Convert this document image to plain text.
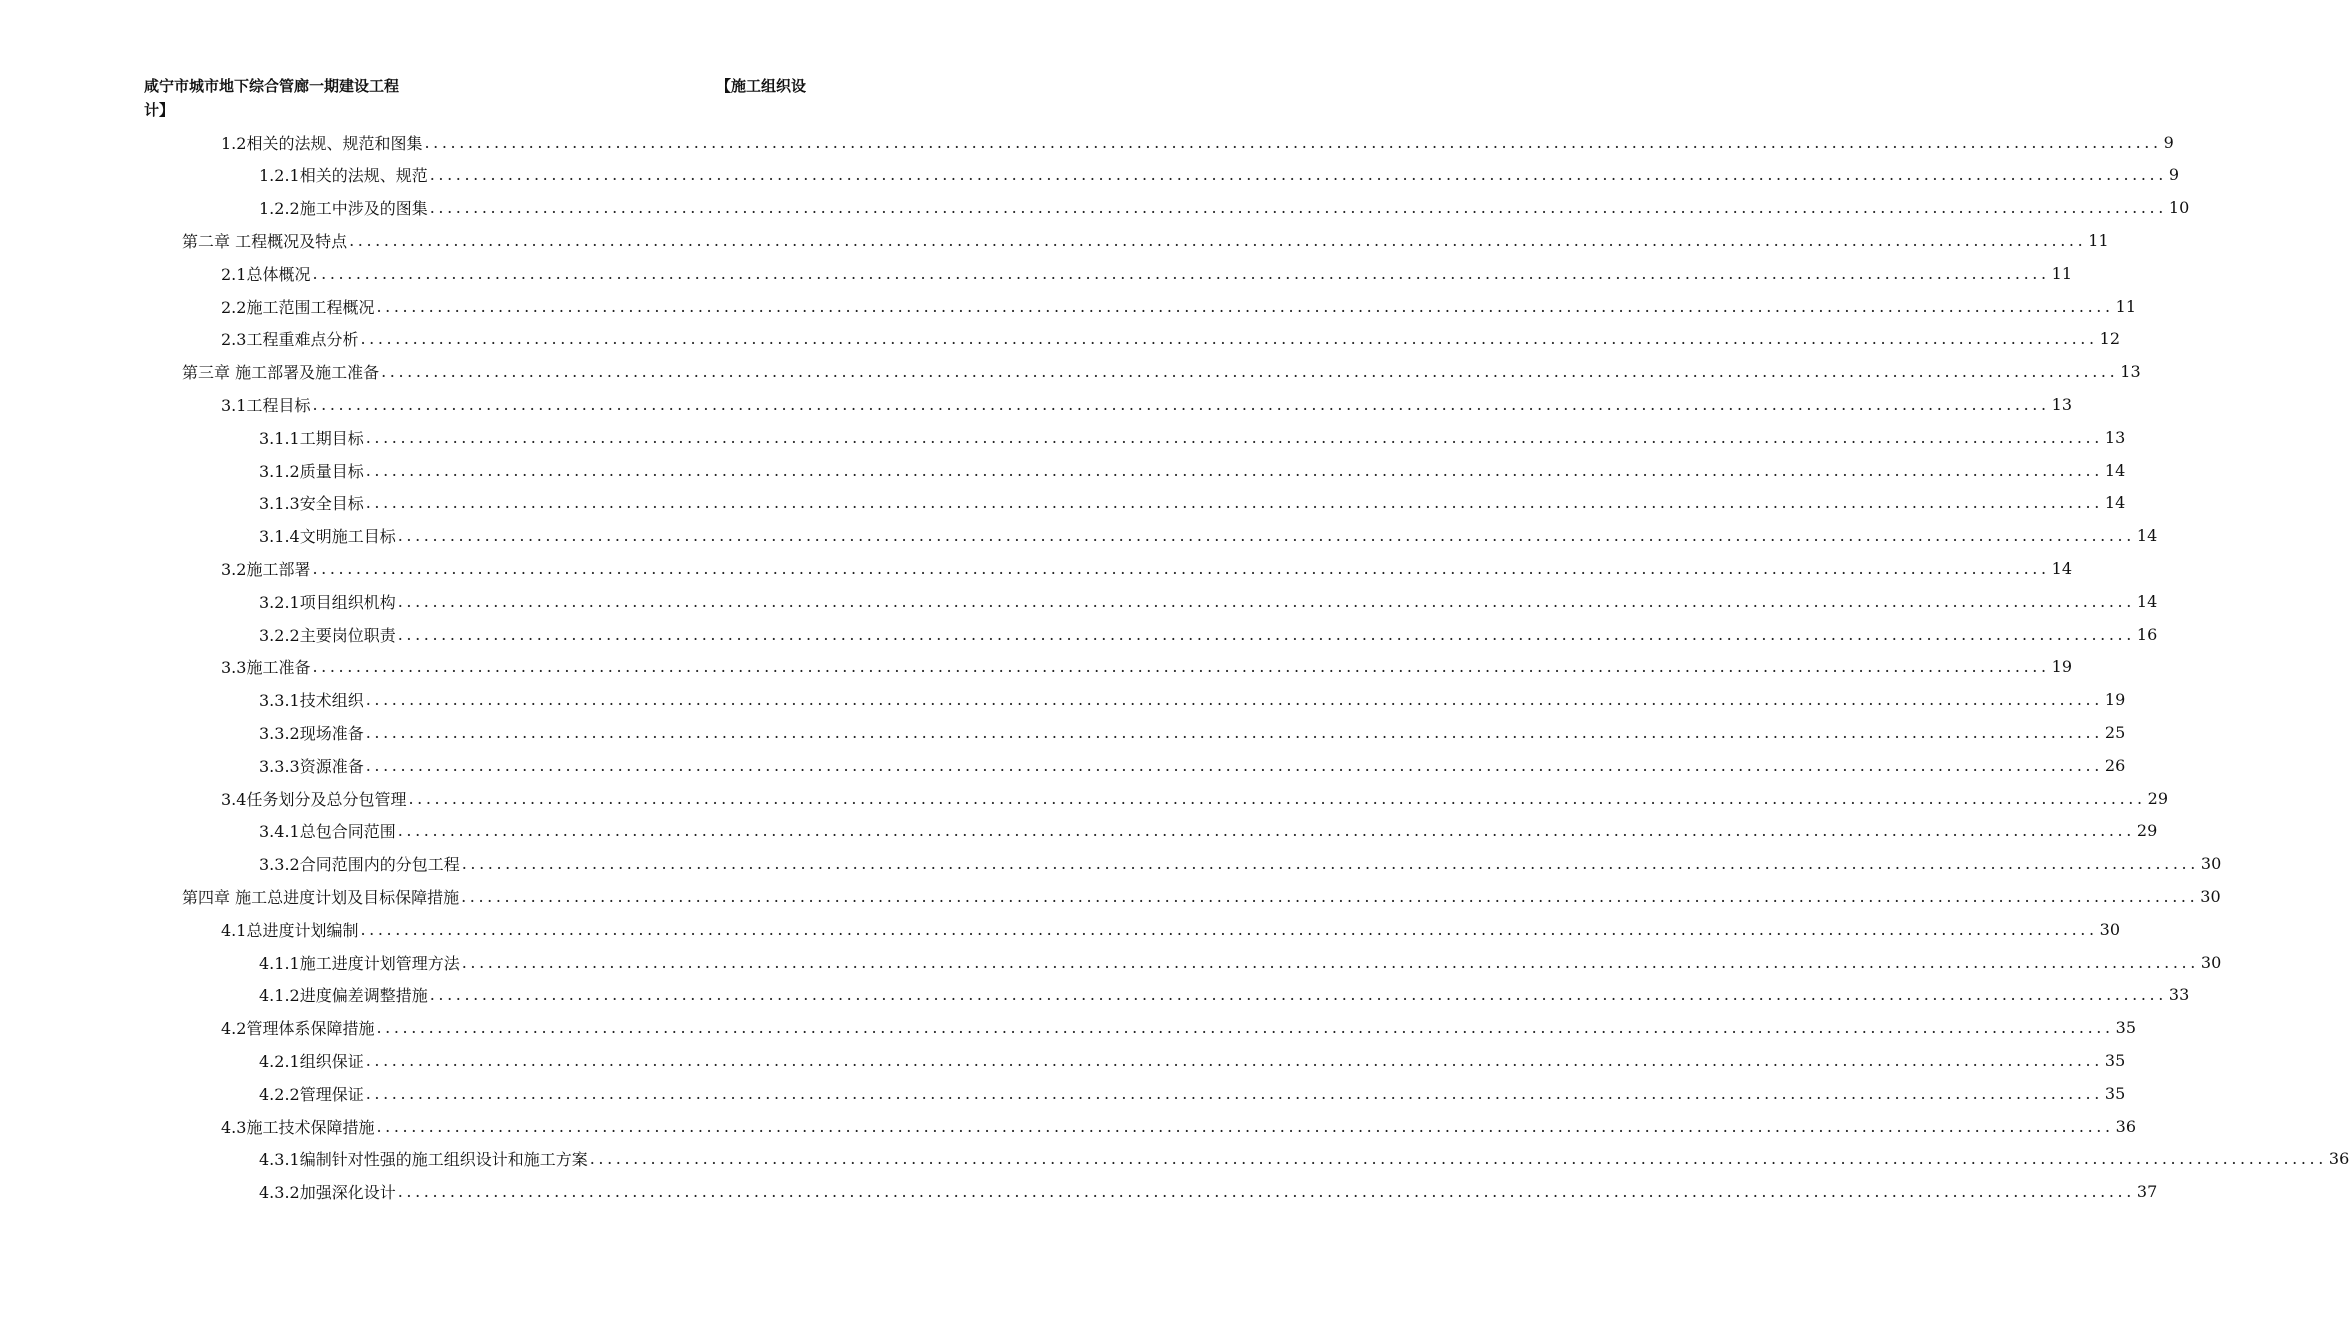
咸宁市城市地下综合管廊一期建设工程	【施工组织设
计】
1.2相关的法规、规范和图集 ........................................................................................................................................................................................................ 9
1.2.1相关的法规、规范 ........................................................................................................................................................................................................ 9
1.2.2施工中涉及的图集 ........................................................................................................................................................................................................ 10
第二章 工程概况及特点 ........................................................................................................................................................................................................ 11
2.1总体概况 ........................................................................................................................................................................................................ 11
2.2施工范围工程概况 ........................................................................................................................................................................................................ 11
2.3工程重难点分析 ........................................................................................................................................................................................................ 12
第三章 施工部署及施工准备 ........................................................................................................................................................................................................ 13
3.1工程目标 ........................................................................................................................................................................................................ 13
3.1.1工期目标 ........................................................................................................................................................................................................ 13
3.1.2质量目标 ........................................................................................................................................................................................................ 14
3.1.3安全目标 ........................................................................................................................................................................................................ 14
3.1.4文明施工目标 ........................................................................................................................................................................................................ 14
3.2施工部署 ........................................................................................................................................................................................................ 14
3.2.1项目组织机构 ........................................................................................................................................................................................................ 14
3.2.2主要岗位职责 ........................................................................................................................................................................................................ 16
3.3施工准备 ........................................................................................................................................................................................................ 19
3.3.1技术组织 ........................................................................................................................................................................................................ 19
3.3.2现场准备 ........................................................................................................................................................................................................ 25
3.3.3资源准备 ........................................................................................................................................................................................................ 26
3.4任务划分及总分包管理 ........................................................................................................................................................................................................ 29
3.4.1总包合同范围 ........................................................................................................................................................................................................ 29
3.3.2合同范围内的分包工程 ........................................................................................................................................................................................................ 30
第四章 施工总进度计划及目标保障措施 ........................................................................................................................................................................................................ 30
4.1总进度计划编制 ........................................................................................................................................................................................................ 30
4.1.1施工进度计划管理方法 ........................................................................................................................................................................................................ 30
4.1.2进度偏差调整措施 ........................................................................................................................................................................................................ 33
4.2管理体系保障措施 ........................................................................................................................................................................................................ 35
4.2.1组织保证 ........................................................................................................................................................................................................ 35
4.2.2管理保证 ........................................................................................................................................................................................................ 35
4.3施工技术保障措施 ........................................................................................................................................................................................................ 36
4.3.1编制针对性强的施工组织设计和施工方案 ........................................................................................................................................................................................................ 36
4.3.2加强深化设计 ........................................................................................................................................................................................................ 37
